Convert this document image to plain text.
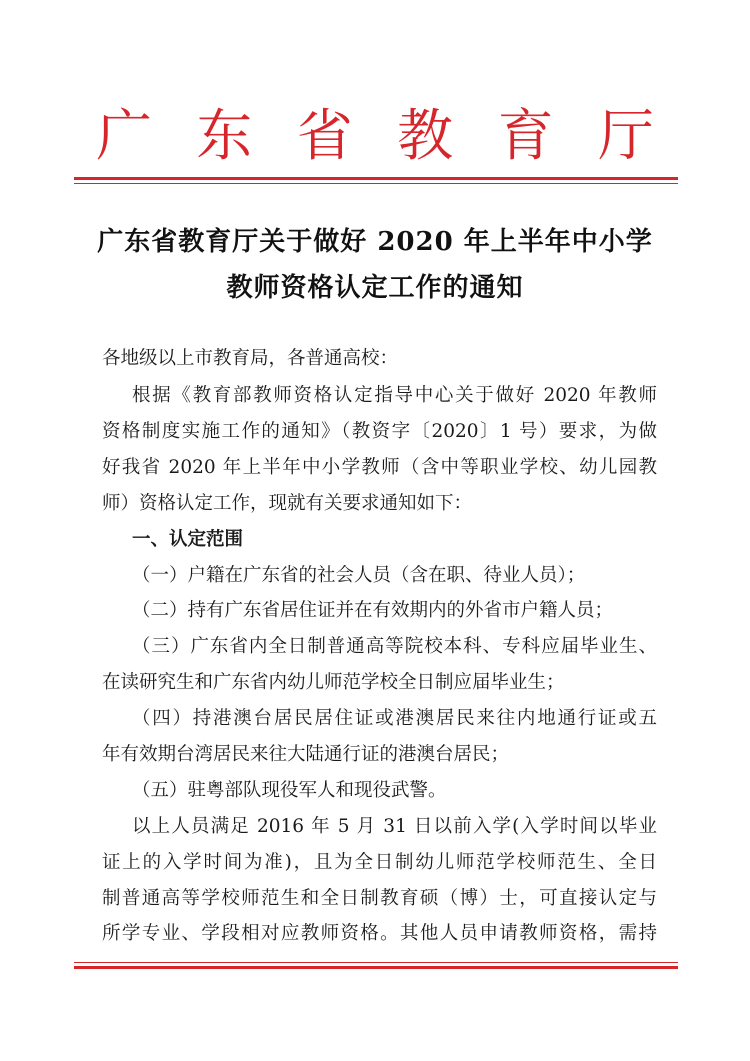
广 东 省 教 育 厅
广东省教育厅关于做好 2020 年上半年中小学
教师资格认定工作的通知
各地级以上市教育局，各普通高校：
根据《教育部教师资格认定指导中心关于做好 2020 年教师
资格制度实施工作的通知》（教资字〔2020〕1 号）要求，为做
好我省 2020 年上半年中小学教师（含中等职业学校、幼儿园教
师）资格认定工作，现就有关要求通知如下：
一、认定范围
（一）户籍在广东省的社会人员（含在职、待业人员）；
（二）持有广东省居住证并在有效期内的外省市户籍人员；
（三）广东省内全日制普通高等院校本科、专科应届毕业生、
在读研究生和广东省内幼儿师范学校全日制应届毕业生；
（四）持港澳台居民居住证或港澳居民来往内地通行证或五
年有效期台湾居民来往大陆通行证的港澳台居民；
（五）驻粤部队现役军人和现役武警。
以上人员满足 2016 年 5 月 31 日以前入学(入学时间以毕业
证上的入学时间为准)，且为全日制幼儿师范学校师范生、全日
制普通高等学校师范生和全日制教育硕（博）士，可直接认定与
所学专业、学段相对应教师资格。其他人员申请教师资格，需持
